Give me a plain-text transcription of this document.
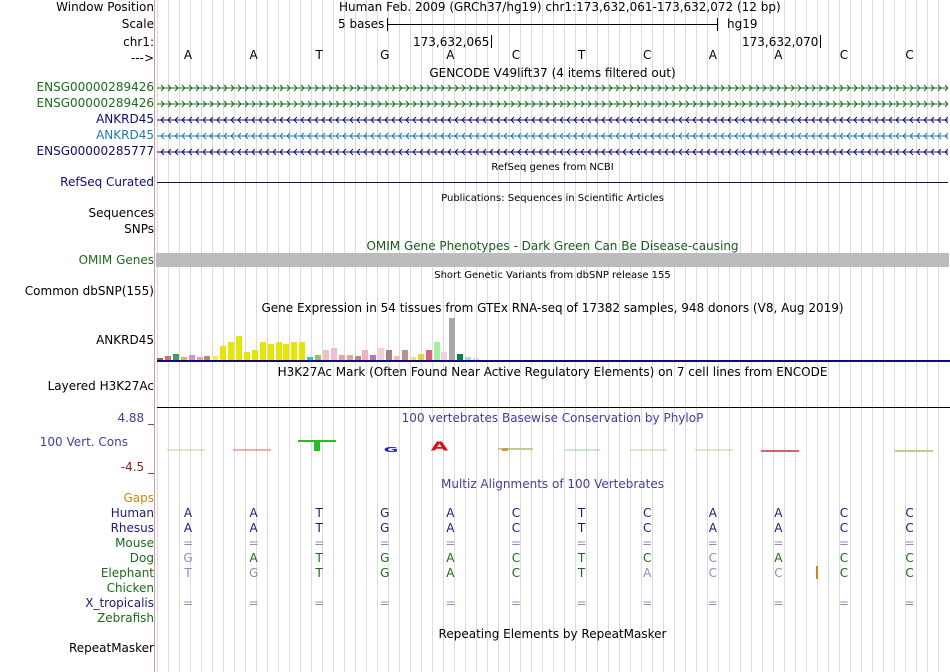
Window Position
Scale
chr1:
--->
Human Feb. 2009 (GRCh37/hg19) chr1:173,632,061-173,632,072 (12 bp)
5 bases	hg19
173,632,065	173,632,070
A	A	T	G	A	C	T	C	A	A	C	C
GENCODE V49lift37 (4 items filtered out)
ENSG00000289426
ENSG00000289426
ANKRD45
ANKRD45
ENSG00000285777
RefSeq genes from NCBI
RefSeq Curated
Publications: Sequences in Scientific Articles
Sequences
SNPs
OMIM Gene Phenotypes - Dark Green Can Be Disease-causing
OMIM Genes
Short Genetic Variants from dbSNP release 155
Common dbSNP(155)
Gene Expression in 54 tissues from GTEx RNA-seq of 17382 samples, 948 donors (V8, Aug 2019)
ANKRD45
H3K27Ac Mark (Often Found Near Active Regulatory Elements) on 7 cell lines from ENCODE
Layered H3K27Ac
100 vertebrates Basewise Conservation by PhyloP
4.88 _
100 Vert. Cons
-4.5 _
G A
Multiz Alignments of 100 Vertebrates
Gaps
Human	A	A	T	G	A	C	T	C	A	A	C	C
Rhesus	A	A	T	G	A	C	T	C	A	A	C	C
Mouse	=	=	=	=	=	=	=	=	=	=	=	=
Dog	G	A	T	G	A	C	T	C	C	A	C	C
Elephant	T	G	T	G	A	C	T	A	C	C	C	C
Chicken
X_tropicalis	=	=	=	=	=	=	=	=	=	=	=	=
Zebrafish
Repeating Elements by RepeatMasker
RepeatMasker
